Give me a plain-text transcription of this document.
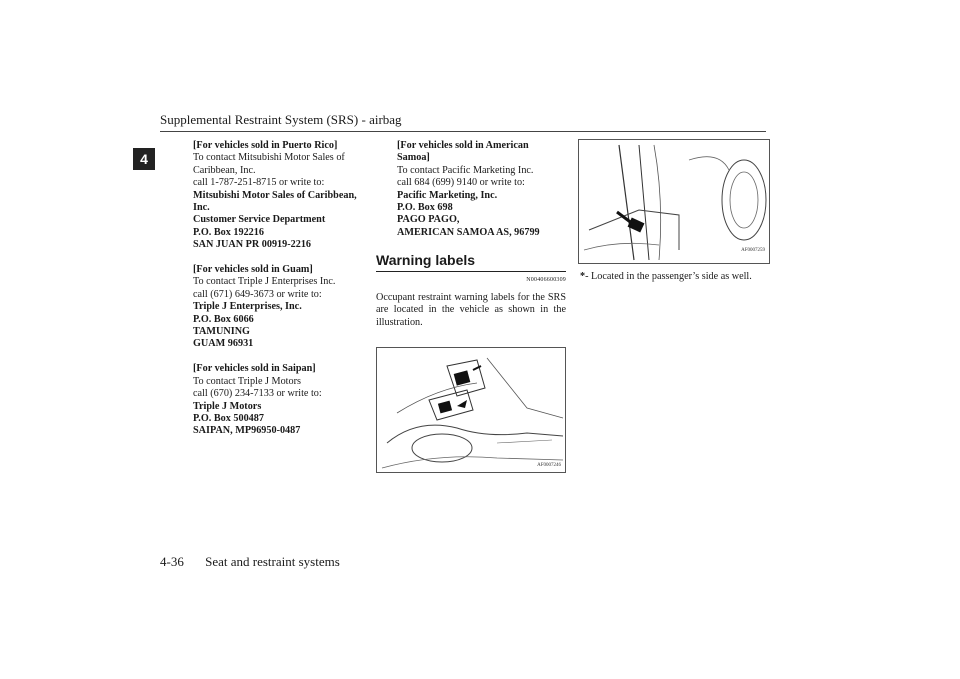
Supplemental Restraint System (SRS) - airbag
4
[For vehicles sold in Puerto Rico]
To contact Mitsubishi Motor Sales of
Caribbean, Inc.
call 1-787-251-8715 or write to:
Mitsubishi Motor Sales of Caribbean,
Inc.
Customer Service Department
P.O. Box 192216
SAN JUAN PR 00919-2216
[For vehicles sold in Guam]
To contact Triple J Enterprises Inc.
call (671) 649-3673 or write to:
Triple J Enterprises, Inc.
P.O. Box 6066
TAMUNING
GUAM 96931
[For vehicles sold in Saipan]
To contact Triple J Motors
call (670) 234-7133 or write to:
Triple J Motors
P.O. Box 500487
SAIPAN, MP96950-0487
[For vehicles sold in American
Samoa]
To contact Pacific Marketing Inc.
call 684 (699) 9140 or write to:
Pacific Marketing, Inc.
P.O. Box 698
PAGO PAGO,
AMERICAN SAMOA AS, 96799
Warning labels
N00406600309
Occupant restraint warning labels for the SRS are located in the vehicle as shown in the illustration.
AF0007246
AF0007259
*- Located in the passenger’s side as well.
4-36 Seat and restraint systems
